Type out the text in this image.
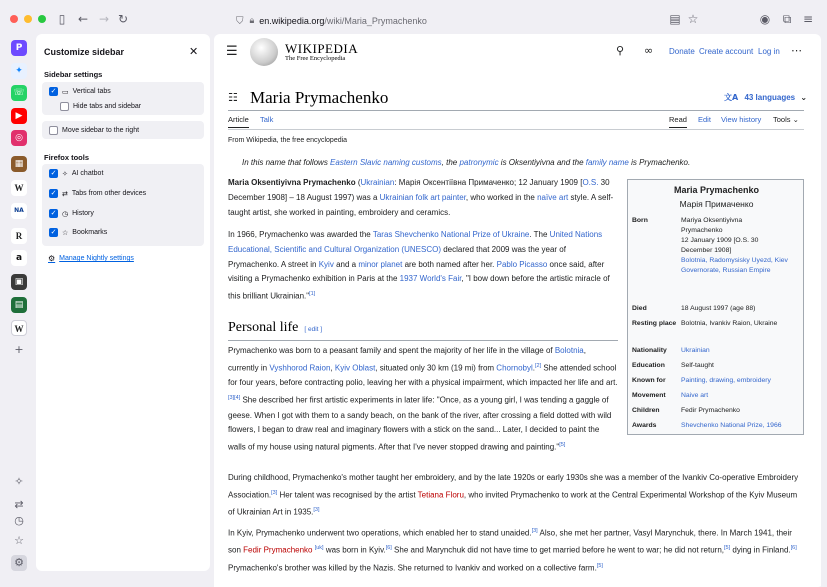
▯	← → ↻	⛉ 🔒︎ en.wikipedia.org /wiki/Maria_Prymachenko	▤ ☆	◉ ⧉ ≡
P
✦
☏
▶
◎
▦
W
NA
R
a
▣
▤
W
+
✧
⇄
◷
☆
⚙
Customize sidebar	✕
Sidebar settings
✓ ▭ Vertical tabs
Hide tabs and sidebar
Move sidebar to the right
Firefox tools
✓ ✧ AI chatbot
✓ ⇄ Tabs from other devices
✓ ◷ History
✓ ☆ Bookmarks
⚙ Manage Nightly settings
☰	WIKIPEDIA
The Free Encyclopedia
⚲ ∞ Donate Create account Log in ⋯
☷ Maria Prymachenko	文A 43 languages ⌄
Article Talk	Read Edit View history Tools ⌄
From Wikipedia, the free encyclopedia
In this name that follows Eastern Slavic naming customs, the patronymic is Oksentiyivna and the family name is Prymachenko.

Maria Oksentiyivna Prymachenko (Ukrainian: Марія Оксентіївна Примаченко; 12 January 1909 [O.S. 30 December 1908] – 18 August 1997) was a Ukrainian folk art painter, who worked in the naïve art style. A self-taught artist, she worked in painting, embroidery and ceramics.

In 1966, Prymachenko was awarded the Taras Shevchenko National Prize of Ukraine. The United Nations Educational, Scientific and Cultural Organization (UNESCO) declared that 2009 was the year of Prymachenko. A street in Kyiv and a minor planet are both named after her. Pablo Picasso once said, after visiting a Prymachenko exhibition in Paris at the 1937 World's Fair, "I bow down before the artistic miracle of this brilliant Ukrainian."[1]

Personal life [ edit ]

Prymachenko was born to a peasant family and spent the majority of her life in the village of Bolotnia, currently in Vyshhorod Raion, Kyiv Oblast, situated only 30 km (19 mi) from Chornobyl.[2] She attended school for four years, before contracting polio, leaving her with a physical impairment, which impacted her life and art.[3][4] She described her first artistic experiments in later life: "Once, as a young girl, I was tending a gaggle of geese. When I got with them to a sandy beach, on the bank of the river, after crossing a field dotted with wild flowers, I began to draw real and imaginary flowers with a stick on the sand... Later, I decided to paint the walls of my house using natural pigments. After that I've never stopped drawing and painting."[5]

During childhood, Prymachenko's mother taught her embroidery, and by the late 1920s or early 1930s she was a member of the Ivankiv Co-operative Embroidery Association.[3] Her talent was recognised by the artist Tetiana Floru, who invited Prymachenko to work at the Central Experimental Workshop of the Kyiv Museum of Ukrainian Art in 1935.[3]

In Kyiv, Prymachenko underwent two operations, which enabled her to stand unaided.[3] Also, she met her partner, Vasyl Marynchuk, there. In March 1941, their son Fedir Prymachenko [uk] was born in Kyiv.[6] She and Marynchuk did not have time to get married before he went to war; he did not return,[5] dying in Finland.[6] Prymachenko's brother was killed by the Nazis. She returned to Ivankiv and worked on a collective farm.[5]

Maria Prymachenko
Марія Примаченко
Born	Mariya Oksentiyivna
Prymachenko
12 January 1909 [O.S. 30
December 1908]
Bolotnia, Radomysisky Uyezd, Kiev Governorate, Russian Empire
Died	18 August 1997 (age 88)
Resting place Bolotnia, Ivankiv Raion, Ukraine
Nationality	Ukrainian
Education	Self-taught
Known for	Painting, drawing, embroidery
Movement	Naive art
Children	Fedir Prymachenko
Awards	Shevchenko National Prize, 1966
